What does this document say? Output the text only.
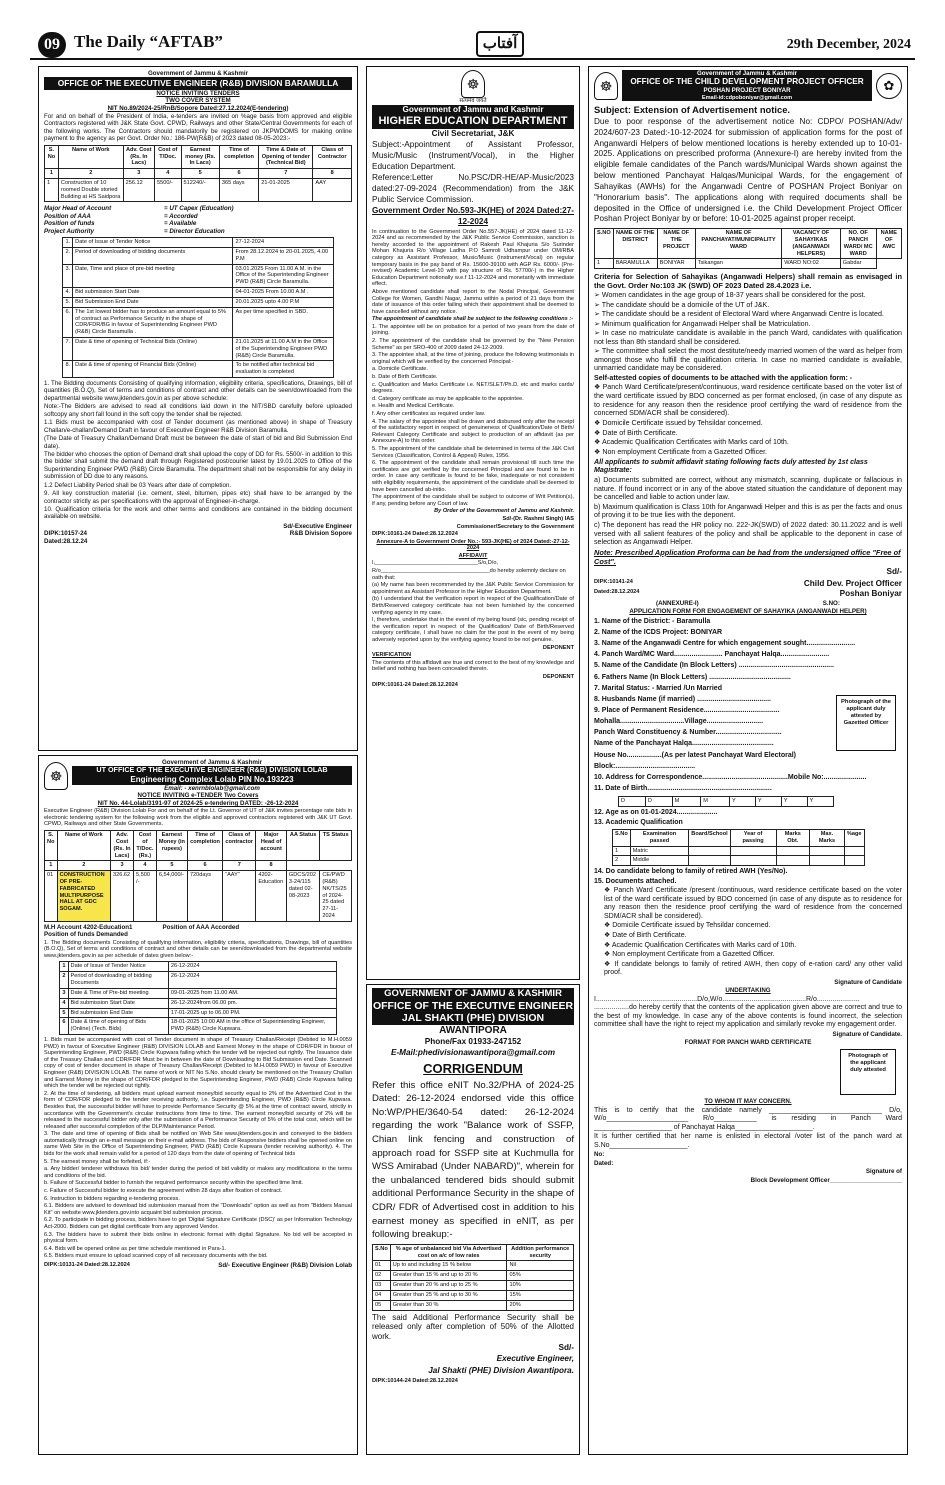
09 The Daily “AFTAB”	آفتاب	29th December, 2024
Government of Jammu & Kashmir
OFFICE OF THE EXECUTIVE ENGINEER (R&B) DIVISION BARAMULLA
NOTICE INVITING TENDERS
TWO COVER SYSTEM
NIT No.89/2024-25/RnB/Sopore Dated:27.12.2024(E-tendering)

For and on behalf of the President of India, e-tenders are invited on %age basis from approved and eligible Contractors registered with J&K State Govt. CPWD, Railways and other State/Central Governments for each of the following works. The Contractors should mandatorily be registered on JKPWDOMS for making online payment to the agency as per Govt. Order No.: 186-PW(R&B) of 2023 dated 08-05-2023:-

S. No	Name of Work	Adv. Cost (Rs. In Lacs)	Cost of T/Doc.	Earnest money (Rs. In Lacs)	Time of completion	Time & Date of Opening of tender (Technical Bid)	Class of Contractor
1	2	3	4	5	6	7	8
1	Construction of 10 roomed Double storied Building at HS Saidpora	256.12	5500/-	512240/-	365 days	21-01-2025	AAY
Major Head of Account	= UT Capex (Education)
Position of AAA	= Accorded
Position of funds	= Available
Project Authority	= Director Education
1.	Date of Issue of Tender Notice	27-12-2024
2.	Period of downloading of bidding documents	From 28.12.2024 to 20-01.2025, 4.00 P.M
3.	Date, Time and place of pre-bid meeting	03.01.2025 From 11.00 A.M. in the Office of the Superintending Engineer PWD (R&B) Circle Baramulla.
4.	Bid submission Start Date	04-01-2025 From 10.00 A.M .
5.	Bid Submission End Date	20.01.2025 upto 4.00 P.M
6.	The 1st lowest bidder has to produce an amount equal to 5% of contract as Performance Security in the shape of CDR/FDR/BG in favour of Superintending Engineer PWD (R&B) Circle Baramulla .	As per time specified in SBD.
7.	Date & time of opening of Technical Bids (Online)	21.01.2025 at 11.00 A.M in the Office of the Superintending Engineer PWD (R&B) Circle Baramulla.
8.	Date & time of opening of Financial Bids (Online)	To be notified after technical bid evaluation is completed

1. The Bidding documents Consisting of qualifying information, eligibility criteria, specifications, Drawings, bill of quantities (B.O.Q), Set of terms and conditions of contract and other details can be seen/downloaded from the departmental website www.jktenders.gov.in as per above schedule:

Note:-The Bidders are advised to read all conditions laid down in the NIT/SBD carefully before uploaded softcopy any short fall found in the soft copy the tender shall be rejected.

1.1 Bids must be accompanied with cost of Tender document (as mentioned above) in shape of Treasury Challan/e-challan/Demand Draft in favour of Executive Engineer R&B Division Baramulla.

(The Date of Treasury Challan/Demand Draft must be between the date of start of bid and Bid Submission End date).

The bidder who chooses the option of Demand draft shall upload the copy of DD for Rs. 5500/- in addition to this the bidder shall submit the demand draft through Registered post/courier latest by 19.01.2025 to Office of the Superintending Engineer PWD (R&B) Circle Baramulla. The department shall not be responsible for any delay in submission of DD due to any reasons.

1.2 Defect Liability Period shall be 03 Years after date of completion.

9. All key construction material (i.e. cement, steel, bitumen, pipes etc) shall have to be arranged by the contractor strictly as per specifications with the approval of Engineer-in-charge.

10. Qualification criteria for the work and other terms and conditions are contained in the bidding document available on website.

Sd/-Executive Engineer
DIPK:10157-24	R&B Division Sopore
Dated:28.12.24
☸
Government of Jammu & Kashmir
UT OFFICE OF THE EXECUTIVE ENGINEER (R&B) DIVISION LOLAB
Engineering Complex Lolab PIN No.193223
Email: - xenrnblolab@gmail.com
NOTICE INVITING e-TENDER Two Covers
NIT No. 44-Lolab/3191-97 of 2024-25 e-tendering DATED: -26-12-2024

Executive Engineer (R&B) Division Lolab For and on behalf of the Lt. Governor of UT of J&K invites percentage rate bids in electronic tendering system for the following work from the eligible and approved contractors registered with J&K UT Govt. CPWD, Railways and other State Governments.

S. No	Name of Work	Adv. Cost (Rs. In Lacs)	Cost of T/Doc. (Rs.)	Earnest Money (in rupees)	Time of completion	Class of contractor	Major Head of account	AA Status	TS Status
1	2	3	4	5	6	7	8		
01	CONSTRUCTION OF PRE-FABRICATED MULTIPURPOSE HALL AT GDC SOGAM.	326.62	5,500 /-	6,54,000/-	720days	“AAY”	4202-Education	GDCS/202 3-24/115 dated 02-08-2023	CE/PWD (R&B) NK/TS/25 of 2024-25 dated 27-11-2024
M.H Account 4202-Education1	Position of AAA Accorded
Position of funds Demanded

1. The Bidding documents Consisting of qualifying information, eligibility criteria, specifications, Drawings, bill of quantities (B.O.Q), Set of terms and conditions of contract and other details can be seen/downloaded from the departmental website www.jktenders.gov.in as per schedule of dates given below:-

1	Date of Issue of Tender Notice	26-12-2024
2	Period of downloading of bidding Documents	26-12-2024
3	Date & Time of Pre-bid meeting	09-01-2025 from 11.00 AM.
4	Bid submission Start Date	26-12-2024from 06.00 pm.
5	Bid submission End Date	17-01-2025 up to 06.00 PM.
6	Date & time of opening of Bids (Online) (Tech. Bids)	18-01-2025 10:00 AM in the office of Superintending Engineer, PWD (R&B) Circle Kupwara.

1. Bids must be accompanied with cost of Tender document in shape of Treasury Challan/Receipt (Debited to M.H.0059 PWD) in favour of Executive Engineer (R&B) DIVISION LOLAB and Earnest Money in the shape of CDR/FDR in favour of Superintending Engineer, PWD (R&B) Circle Kupwara failing which the tender will be rejected out rightly. The Issuance date of the Treasury Challan and CDR/FDR Must be in between the date of Downloading to Bid Submission end Date. Scanned copy of cost of tender document in shape of Treasury Challan/Receipt (Debited to M.H.0059 PWD) in favour of Executive Engineer (R&B) DIVISION LOLAB. The name of work or NIT No S.No. should clearly be mentioned on the Treasury Challan and Earnest Money in the shape of CDR/FDR pledged to the Superintending Engineer, PWD (R&B) Circle Kupwara failing which the tender will be rejected out rightly.

2. At the time of tendering, all bidders must upload earnest money/bid security equal to 2% of the Advertised Cost in the form of CDR/FDR pledged to the tender receiving authority, i.e. Superintending Engineer, PWD (R&B) Circle Kupwara. Besides that, the successful bidder will have to provide Performance Security @ 5% at the time of contract award, strictly in accordance with the Government's circular instructions from time to time. The earnest money/bid security of 2% will be released to the successful bidder only after the submission of a Performance Security of 5% of the total cost, which will be released after successful completion of the DLP/Maintenance Period.

3. The date and time of opening of Bids shall be notified on Web Site www.jktenders.gov.in and conveyed to the bidders automatically through an e-mail message on their e-mail address. The bids of Responsive bidders shall be opened online on same Web Site in the Office of Superintending Engineer, PWD (R&B) Circle Kupwara (tender receiving authority). 4. The bids for the work shall remain valid for a period of 120 days from the date of opening of Technical bids

5. The earnest money shall be forfeited, if:-

a. Any bidder/ tenderer withdraws his bid/ tender during the period of bid validity or makes any modifications in the terms and conditions of the bid.

b. Failure of Successful bidder to furnish the required performance security within the specified time limit.

c. Failure of Successful bidder to execute the agreement within 28 days after fixation of contract.

6. Instruction to bidders regarding e-tendering process.

6.1. Bidders are advised to download bid submission manual from the "Downloads" option as well as from "Bidders Manual Kit" on website www.jktenders.gov.into acquaint bid submission process.

6.2. To participate in bidding process, bidders have to get 'Digital Signature Certificate (DSC)' as per Information Technology Act-2000. Bidders can get digital certificate from any approved Vendor.

6.3. The bidders have to submit their bids online in electronic format with digital Signature. No bid will be accepted in physical form.

6.4. Bids will be opened online as per time schedule mentioned in Para-1.

6.5. Bidders must ensure to upload scanned copy of all necessary documents with the bid.

DIPK:10131-24 Dated:28.12.2024	Sd/- Executive Engineer (R&B) Division Lolab
☸
सत्यमेव जयते
Government of Jammu and Kashmir
HIGHER EDUCATION DEPARTMENT
Civil Secretariat, J&K

Subject:-Appointment of Assistant Professor, Music/Music (Instrument/Vocal), in the Higher Education Department.

Reference:Letter No.PSC/DR-HE/AP-Music/2023 dated:27-09-2024 (Recommendation) from the J&K Public Service Commission.

Government Order No.593-JK(HE) of 2024 Dated:27-12-2024

In continuation to the Government Order No.557-JK(HE) of 2024 dated 11-12-2024 and as recommended by the J&K Public Service Commission, sanction is hereby accorded to the appointment of Rakesh Paul Khajuria S/o Surinder Mohan Khajuria R/o Village Ladha P.O Samroli Udhampur under OM/RBA category as Assistant Professor, Music/Music (Instrument/Vocal) on regular temporary basis in the pay band of Rs. 15600-39100 with AGP Rs. 6000/- (Pre- revised) Academic Level-10 with pay structure of Rs. 57700/-) in the Higher Education Department notionally w.e.f 11-12-2024 and monetarily with immediate effect.

Above mentioned candidate shall report to the Nodal Principal, Government College for Women, Gandhi Nagar, Jammu within a period of 21 days from the date of issuance of this order failing which their appointment shall be deemed to have cancelled without any notice.

The appointment of candidate shall be subject to the following conditions :-

1. The appointee will be on probation for a period of two years from the date of joining.

2. The appointment of the candidate shall be governed by the "New Pension Scheme" as per SRO-400 of 2009 dated 24-12-2009.

3. The appointee shall, at the time of joining, produce the following testimonials in original which will be verified by the concerned Principal:-

a. Domicile Certificate.

b. Date of Birth Certificate.

c. Qualification and Marks Certificate i.e. NET/SLET/Ph.D. etc and marks cards/ degrees.

d. Category certificate as may be applicable to the appointee.

e. Health and Medical Certificate.

f. Any other certificates as required under law.

4. The salary of the appointee shall be drawn and disbursed only after the receipt of the satisfactory report in respect of genuineness of Qualification/Date of Birth/ Relevant Category Certificate and subject to production of an affidavit (as per Annexure-A) to this order.

5. The appointment of the candidate shall be determined in terms of the J&K Civil Services (Classification, Control & Appeal) Rules, 1956.

6. The appointment of the candidate shall remain provisional till such time the certificates are got verified by the concerned Principal and are found to be in order. In case any certificate is found to be fake, inadequate or not consistent with eligibility requirements, the appointment of the candidate shall be deemed to have been cancelled ab-initio.

The appointment of the candidate shall be subject to outcome of Writ Petition(s), if any, pending before any Court of law.

By Order of the Government of Jammu and Kashmir.

Sd/-(Dr. Rashmi Singh) IAS

Commissioner/Secretary to the Government

DIPK:10161-24 Dated:28.12.2024

Annexure-A to Government Order No.:- 593-JK(HE) of 2024 Dated:-27-12-2024

AFFIDAVIT

I,_________________________________S/o,D/o,

R/o___________________________________do hereby solemnly declare on oath that:

(a) My name has been recommended by the J&K Public Service Commission for appointment as Assistant Professor in the Higher Education Department.

(b) I understand that the verification report in respect of the Qualification/Date of Birth/Reserved category certificate has not been furnished by the concerned verifying agency in my case.

I, therefore, undertake that in the event of my being found (sic, pending receipt of the verification report in respect of the Qualification/ Date of Birth/Reserved category certificate, I shall have no claim for the post in the event of my being adversely reported upon by the verifying agency found to be not genuine.

DEPONENT

VERIFICATION

The contents of this affidavit are true and correct to the best of my knowledge and belief and nothing has been concealed therein.

DEPONENT

DIPK:10161-24 Dated:28.12.2024

GOVERNMENT OF JAMMU & KASHMIR
OFFICE OF THE EXECUTIVE ENGINEER
JAL SHAKTI (PHE) DIVISION
AWANTIPORA
Phone/Fax 01933-247152
E-Mail:phedivisionawantipora@gmail.com
CORRIGENDUM

Refer this office eNIT No.32/PHA of 2024-25 Dated: 26-12-2024 endorsed vide this office No:WP/PHE/3640-54 dated: 26-12-2024 regarding the work "Balance work of SSFP, Chian link fencing and construction of approach road for SSFP site at Kuchmulla for WSS Amirabad (Under NABARD)", wherein for the unbalanced tendered bids should submit additional Performance Security in the shape of CDR/ FDR of Advertised cost in addition to his earnest money as specified in eNIT, as per following breakup:-

S.No	% age of unbalanced bid Via Advertised cost on a/c of low rates	Addition performance security
01	Up to and including 15 % below	Nil
02	Greater than 15 % and up to 20 %	05%
03	Greater than 20 % and up to 25 %	10%
04	Greater than 25 % and up to 30 %	15%
05	Greater than 30 %	20%

The said Additional Performance Security shall be released only after completion of 50% of the Allotted work.

Sd/-

Executive Engineer,

Jal Shakti (PHE) Division Awantipora.

DIPK:10144-24 Dated:28.12.2024

☸
Government of Jammu & Kashmir
OFFICE OF THE CHILD DEVELOPMENT PROJECT OFFICER
POSHAN PROJECT BONIYAR
Email-id:cdpoboniyar@gmail.com
✿

Subject: Extension of Advertisement notice.

Due to poor response of the advertisement notice No: CDPO/ POSHAN/Adv/ 2024/607-23 Dated:-10-12-2024 for submission of application forms for the post of Anganwardi Helpers of below mentioned locations is hereby extended up to 10-01-2025. Applications on prescribed proforma (Annexure-I) are hereby invited from the eligible female candidates of the Panch wards/Municipal Wards shown against the below mentioned Panchayat Halqas/Municipal Wards, for the engagement of Sahayikas (AWHs) for the Anganwadi Centre of POSHAN Project Boniyar on "Honorarium basis". The applications along with required documents shall be deposited in the Office of undersigned i.e. the Child Development Project Officer Poshan Project Boniyar by or before: 10-01-2025 against proper receipt.

S.NO	NAME OF THE DISTRICT	NAME OF THE PROJECT	NAME OF PANCHAYAT/MUNICIPALITY WARD	VACANCY OF SAHAYIKAS (ANGANWADI HELPERS)	NO. OF PANCH WARD/ MC WARD	NAME OF AWC
1	BARAMULLA	BONIYAR	Tsikangan	WARD NO:02	Gabdar	

Criteria for Selection of Sahayikas (Anganwadi Helpers) shall remain as envisaged in the Govt. Order No:103 JK (SWD) OF 2023 Dated 28.4.2023 i.e.

➢ Women candidates in the age group of 18-37 years shall be considered for the post.

➢ The candidate should be a domicile of the UT of J&K.

➢ The candidate should be a resident of Electoral Ward where Anganwadi Centre is located.

➢ Minimum qualification for Anganwadi Helper shall be Matriculation.

➢ In case no matriculate candidate is available in the panch Ward, candidates with qualification not less than 8th standard shall be considered.

➢ The committee shall select the most destitute/needy married women of the ward as helper from amongst those who fulfill the qualification criteria. In case no married candidate is available, unmarried candidate may be considered.

Self-attested copies of documents to be attached with the application form: -

❖ Panch Ward Certificate/present/continuous, ward residence certificate based on the voter list of the ward certificate issued by BDO concerned as per format enclosed, (in case of any dispute as to residence for any reason then the residence proof certifying the ward of residence from the concerned SDM/ACR shall be considered).

❖ Domicile Certificate issued by Tehsildar concerned.

❖ Date of Birth Certificate.

❖ Academic Qualification Certificates with Marks card of 10th.

❖ Non employment Certificate from a Gazetted Officer.

All applicants to submit affidavit stating following facts duly attested by 1st class Magistrate:

a) Documents submitted are correct, without any mismatch, scanning, duplicate or fallacious in nature. If found incorrect or in any of the above stated situation the candidature of deponent may be cancelled and liable to action under law.

b) Maximum qualification is Class 10th for Anganwadi Helper and this is as per the facts and onus of proving it to be true lies with the deponent.

c) The deponent has read the HR policy no. 222-JK(SWD) of 2022 dated: 30.11.2022 and is well versed with all salient features of the policy and shall be applicable to the deponent in case of selection as Anganwadi Helper.

Note: Prescribed Application Proforma can be had from the undersigned office "Free of Cost".

Sd/-

DIPK:10141-24	Child Dev. Project Officer
Dated:28.12.2024	Poshan Boniyar
(ANNEXURE-I)	S.NO:

APPLICATION FORM FOR ENGAGEMENT OF SAHAYIKA (ANGANWADI HELPER)

1. Name of the District: - Baramulla

2. Name of the ICDS Project: BONIYAR

3. Name of the Anganwadi Centre for which engagement sought.........................

4. Panch Ward/MC Ward......................... Panchayat Halqa.........................

5. Name of the Candidate (In Block Letters) .................................................

6. Fathers Name (In Block Letters) ..........................................

7. Marital Status: - Married /Un Married

8. Husbands Name (if married) ......................................

9. Place of Permanent Residence.......................................

Mohalla.................................Village.............................

Panch Ward Constituency & Number..................................

Name of the Panchayat Halqa..........................................

House No..................(As per latest Panchayat Ward Electoral)

Block:.........................................

10. Address for Correspondence............................................Mobile No:......................

11. Date of Birth................................................................

Photograph of the applicant duly attested by Gazetted Officer
D	D	M	M	Y	Y	Y	Y

12. Age as on 01-01-2024.....................

13. Academic Qualification

S.No	Examination passed	Board/School	Year of passing	Marks Obt.	Max. Marks	%age
1	Matric					
2	Middle					

14. Do candidate belong to family of retired AWH (Yes/No).

15. Documents attached.

❖ Panch Ward Certificate /present /continuous, ward residence certificate based on the voter list of the ward certificate issued by BDO concerned (in case of any dispute as to residence for any reason then the residence proof certifying the ward of residence from the concerned SDM/ACR shall be considered).

❖ Domicile Certificate issued by Tehsildar concerned.

❖ Date of Birth Certificate.

❖ Academic Qualification Certificates with Marks card of 10th.

❖ Non employment Certificate from a Gazetted Officer.

❖ If candidate belongs to family of retired AWH, then copy of e-ration card/ any other valid proof.

Signature of Candidate

UNDERTAKING

I....................................................D/o,W/o...........................................R/o...................... ..................do hereby certify that the contents of the application given above are correct and true to the best of my knowledge. In case any of the above contents is found incorrect, the selection committee shall have the right to reject my application and similarly revoke my engagement order.

Signature of Candidate.

FORMAT FOR PANCH WARD CERTIFICATE

Photograph of the applicant duly attested

TO WHOM IT MAY CONCERN.

This is to certify that the candidate namely _____________________________ D/o, W/o_____________________ R/o___________ is residing in Panch Ward ____________________ of Panchayat Halqa____________________.

It is further certified that her name is enlisted in electoral /voter list of the panch ward at S.No____________________.

No:

Dated:

Signature of

Block Development Officer_____________________
